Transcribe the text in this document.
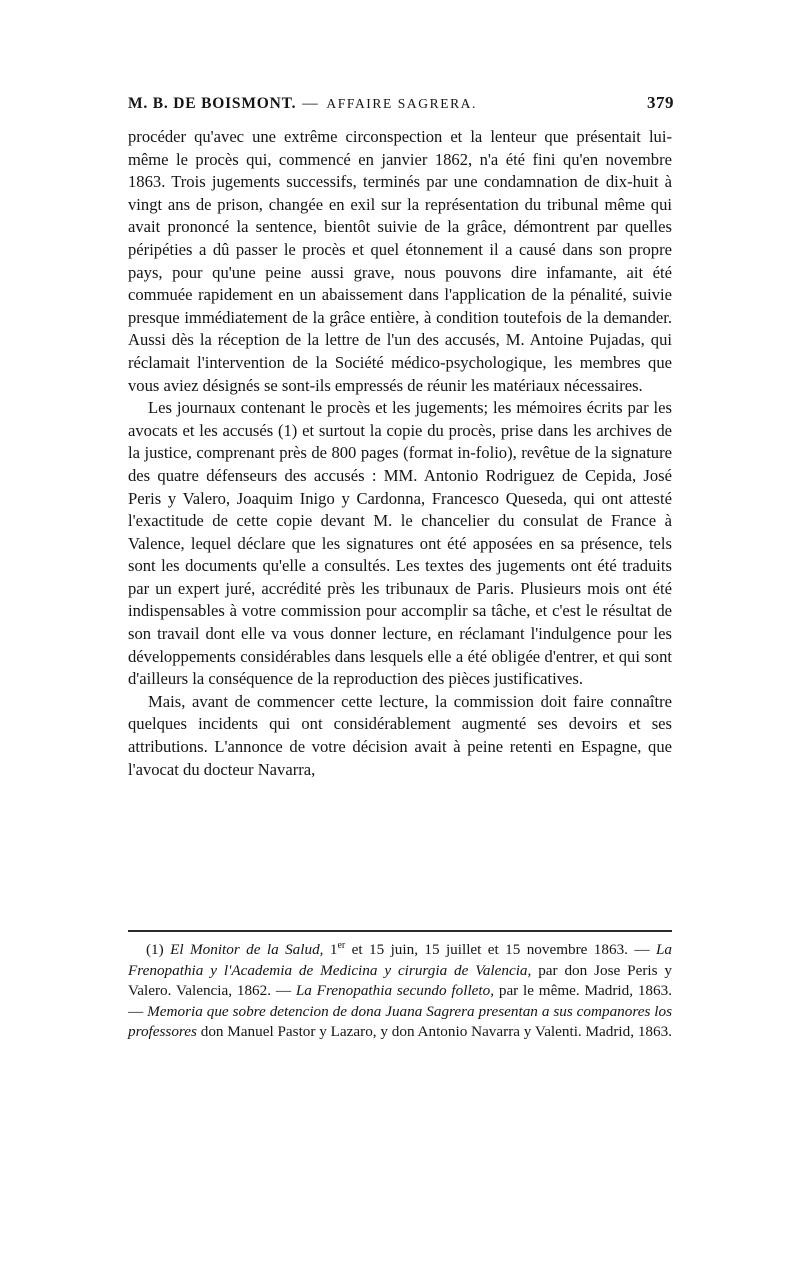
M. B. DE BOISMONT. — AFFAIRE SAGRERA.	379

procéder qu'avec une extrême circonspection et la lenteur que présentait lui-même le procès qui, commencé en janvier 1862, n'a été fini qu'en novembre 1863. Trois jugements successifs, terminés par une condamnation de dix-huit à vingt ans de prison, changée en exil sur la représentation du tribunal même qui avait prononcé la sentence, bientôt suivie de la grâce, démontrent par quelles péripéties a dû passer le procès et quel étonnement il a causé dans son propre pays, pour qu'une peine aussi grave, nous pouvons dire infamante, ait été commuée rapidement en un abaissement dans l'application de la pénalité, suivie presque immédiatement de la grâce entière, à condition toutefois de la demander. Aussi dès la réception de la lettre de l'un des accusés, M. Antoine Pujadas, qui réclamait l'intervention de la Société médico-psychologique, les membres que vous aviez désignés se sont-ils empressés de réunir les matériaux nécessaires.

Les journaux contenant le procès et les jugements; les mémoires écrits par les avocats et les accusés (1) et surtout la copie du procès, prise dans les archives de la justice, comprenant près de 800 pages (format in-folio), revêtue de la signature des quatre défenseurs des accusés : MM. Antonio Rodriguez de Cepida, José Peris y Valero, Joaquim Inigo y Cardonna, Francesco Queseda, qui ont attesté l'exactitude de cette copie devant M. le chancelier du consulat de France à Valence, lequel déclare que les signatures ont été apposées en sa présence, tels sont les documents qu'elle a consultés. Les textes des jugements ont été traduits par un expert juré, accrédité près les tribunaux de Paris. Plusieurs mois ont été indispensables à votre commission pour accomplir sa tâche, et c'est le résultat de son travail dont elle va vous donner lecture, en réclamant l'indulgence pour les développements considérables dans lesquels elle a été obligée d'entrer, et qui sont d'ailleurs la conséquence de la reproduction des pièces justificatives.

Mais, avant de commencer cette lecture, la commission doit faire connaître quelques incidents qui ont considérablement augmenté ses devoirs et ses attributions. L'annonce de votre décision avait à peine retenti en Espagne, que l'avocat du docteur Navarra,

(1) El Monitor de la Salud, 1er et 15 juin, 15 juillet et 15 novembre 1863. — La Frenopathia y l'Academia de Medicina y cirurgia de Valencia, par don Jose Peris y Valero. Valencia, 1862. — La Frenopathia secundo folleto, par le même. Madrid, 1863. — Memoria que sobre detencion de dona Juana Sagrera presentan a sus companores los professores don Manuel Pastor y Lazaro, y don Antonio Navarra y Valenti. Madrid, 1863.
